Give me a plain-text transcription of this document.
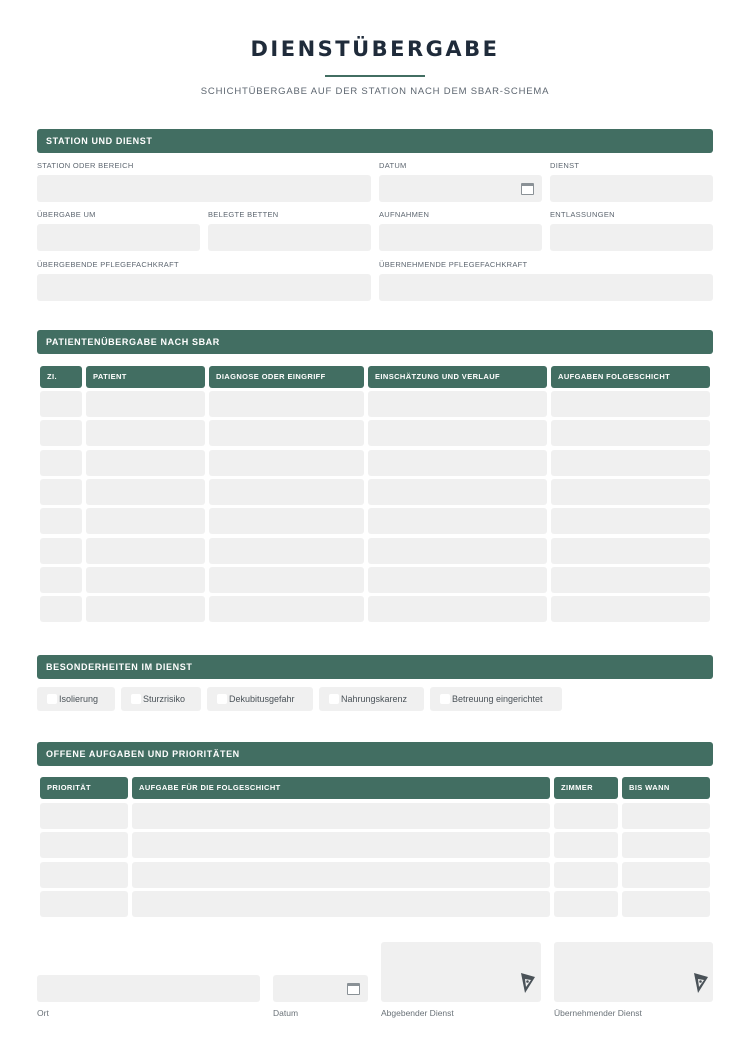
DIENSTÜBERGABE
SCHICHTÜBERGABE AUF DER STATION NACH DEM SBAR-SCHEMA
STATION UND DIENST
STATION ODER BEREICH	DATUM	DIENST
ÜBERGABE UM	BELEGTE BETTEN	AUFNAHMEN	ENTLASSUNGEN
ÜBERGEBENDE PFLEGEFACHKRAFT	ÜBERNEHMENDE PFLEGEFACHKRAFT
PATIENTENÜBERGABE NACH SBAR
ZI.	PATIENT	DIAGNOSE ODER EINGRIFF	EINSCHÄTZUNG UND VERLAUF	AUFGABEN FOLGESCHICHT
BESONDERHEITEN IM DIENST
Isolierung	Sturzrisiko	Dekubitusgefahr	Nahrungskarenz	Betreuung eingerichtet
OFFENE AUFGABEN UND PRIORITÄTEN
PRIORITÄT	AUFGABE FÜR DIE FOLGESCHICHT	ZIMMER	BIS WANN
Ort	Datum	Abgebender Dienst	Übernehmender Dienst
